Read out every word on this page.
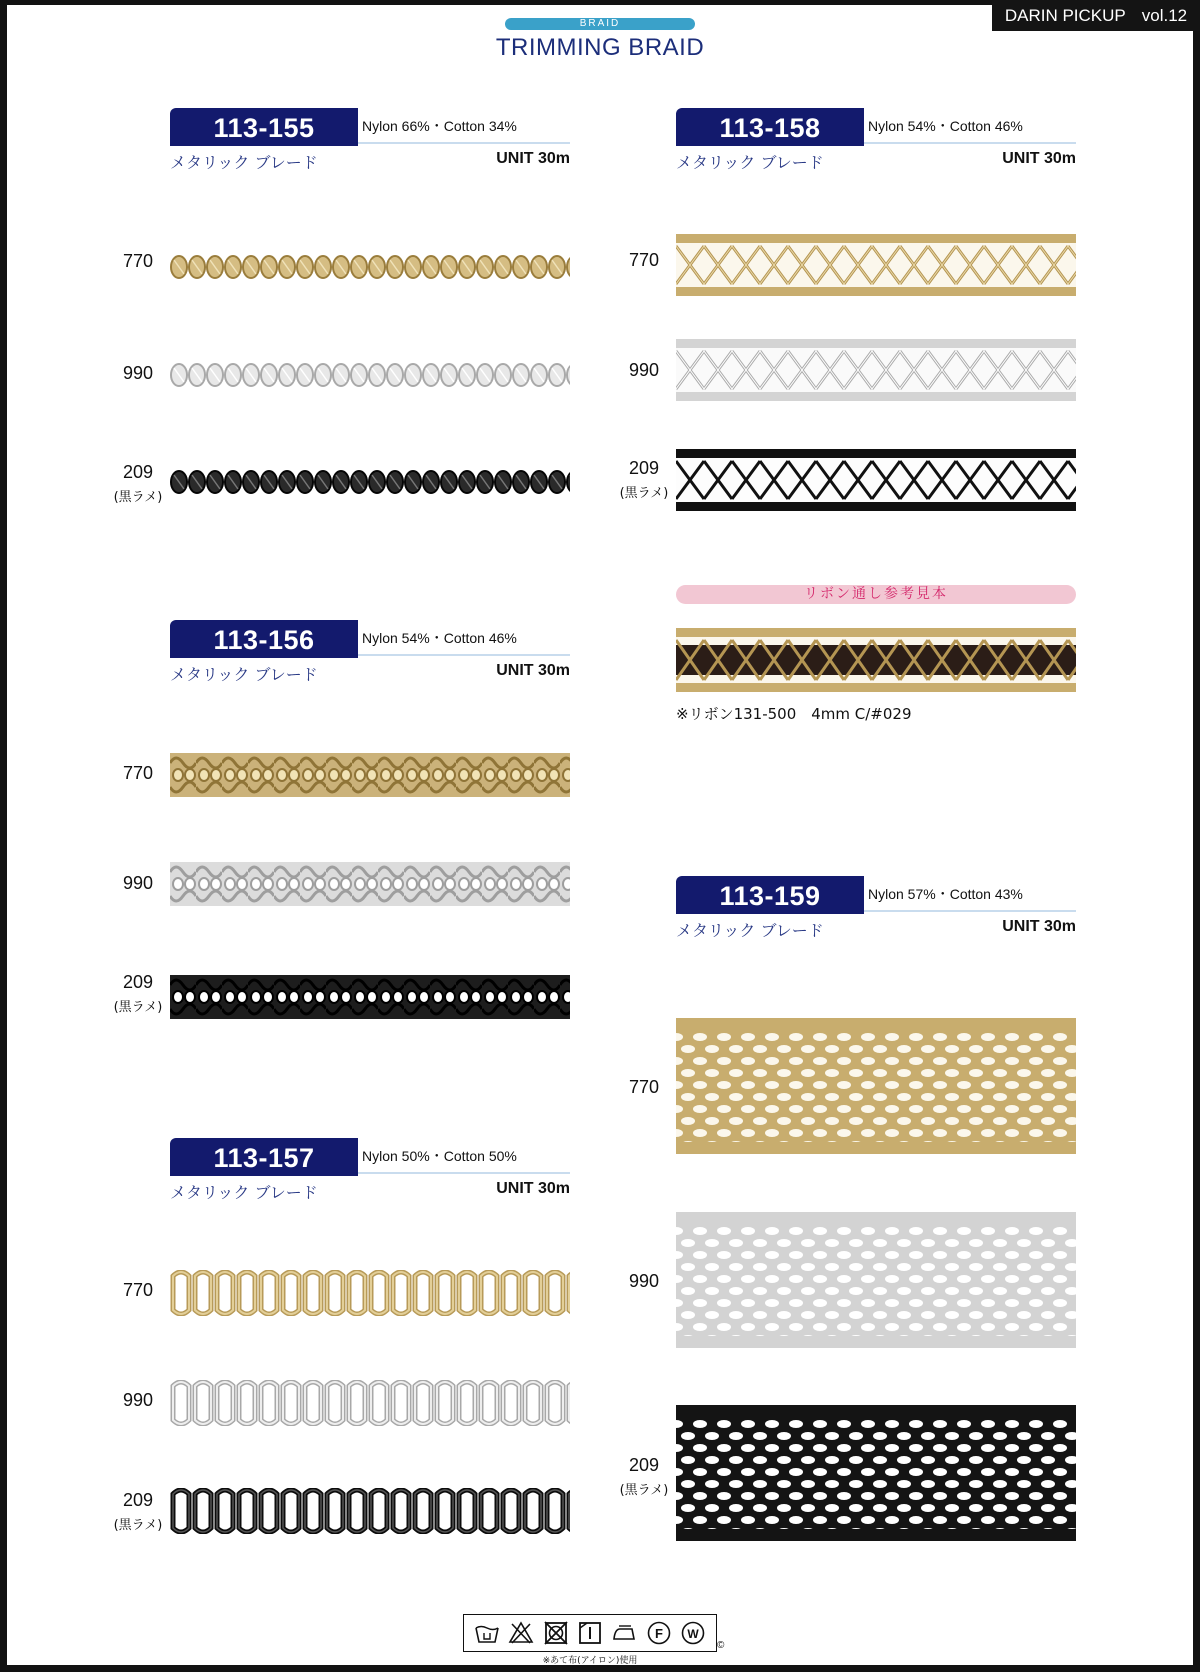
DARIN PICKUP vol.12
BRAID
TRIMMING BRAID
113-155	Nylon 66%・Cotton 34%
メタリック ブレード	UNIT 30m
770
990
209
(黒ラメ)
113-156	Nylon 54%・Cotton 46%
メタリック ブレード	UNIT 30m
770
990
209
(黒ラメ)
113-157	Nylon 50%・Cotton 50%
メタリック ブレード	UNIT 30m
770
990
209
(黒ラメ)
113-158	Nylon 54%・Cotton 46%
メタリック ブレード	UNIT 30m
770
990
209
(黒ラメ)
リボン通し参考見本
※リボン131-500　4mm C/#029
113-159	Nylon 57%・Cotton 43%
メタリック ブレード	UNIT 30m
770
990
209
(黒ラメ)
F W
©
※あて布(アイロン)使用
